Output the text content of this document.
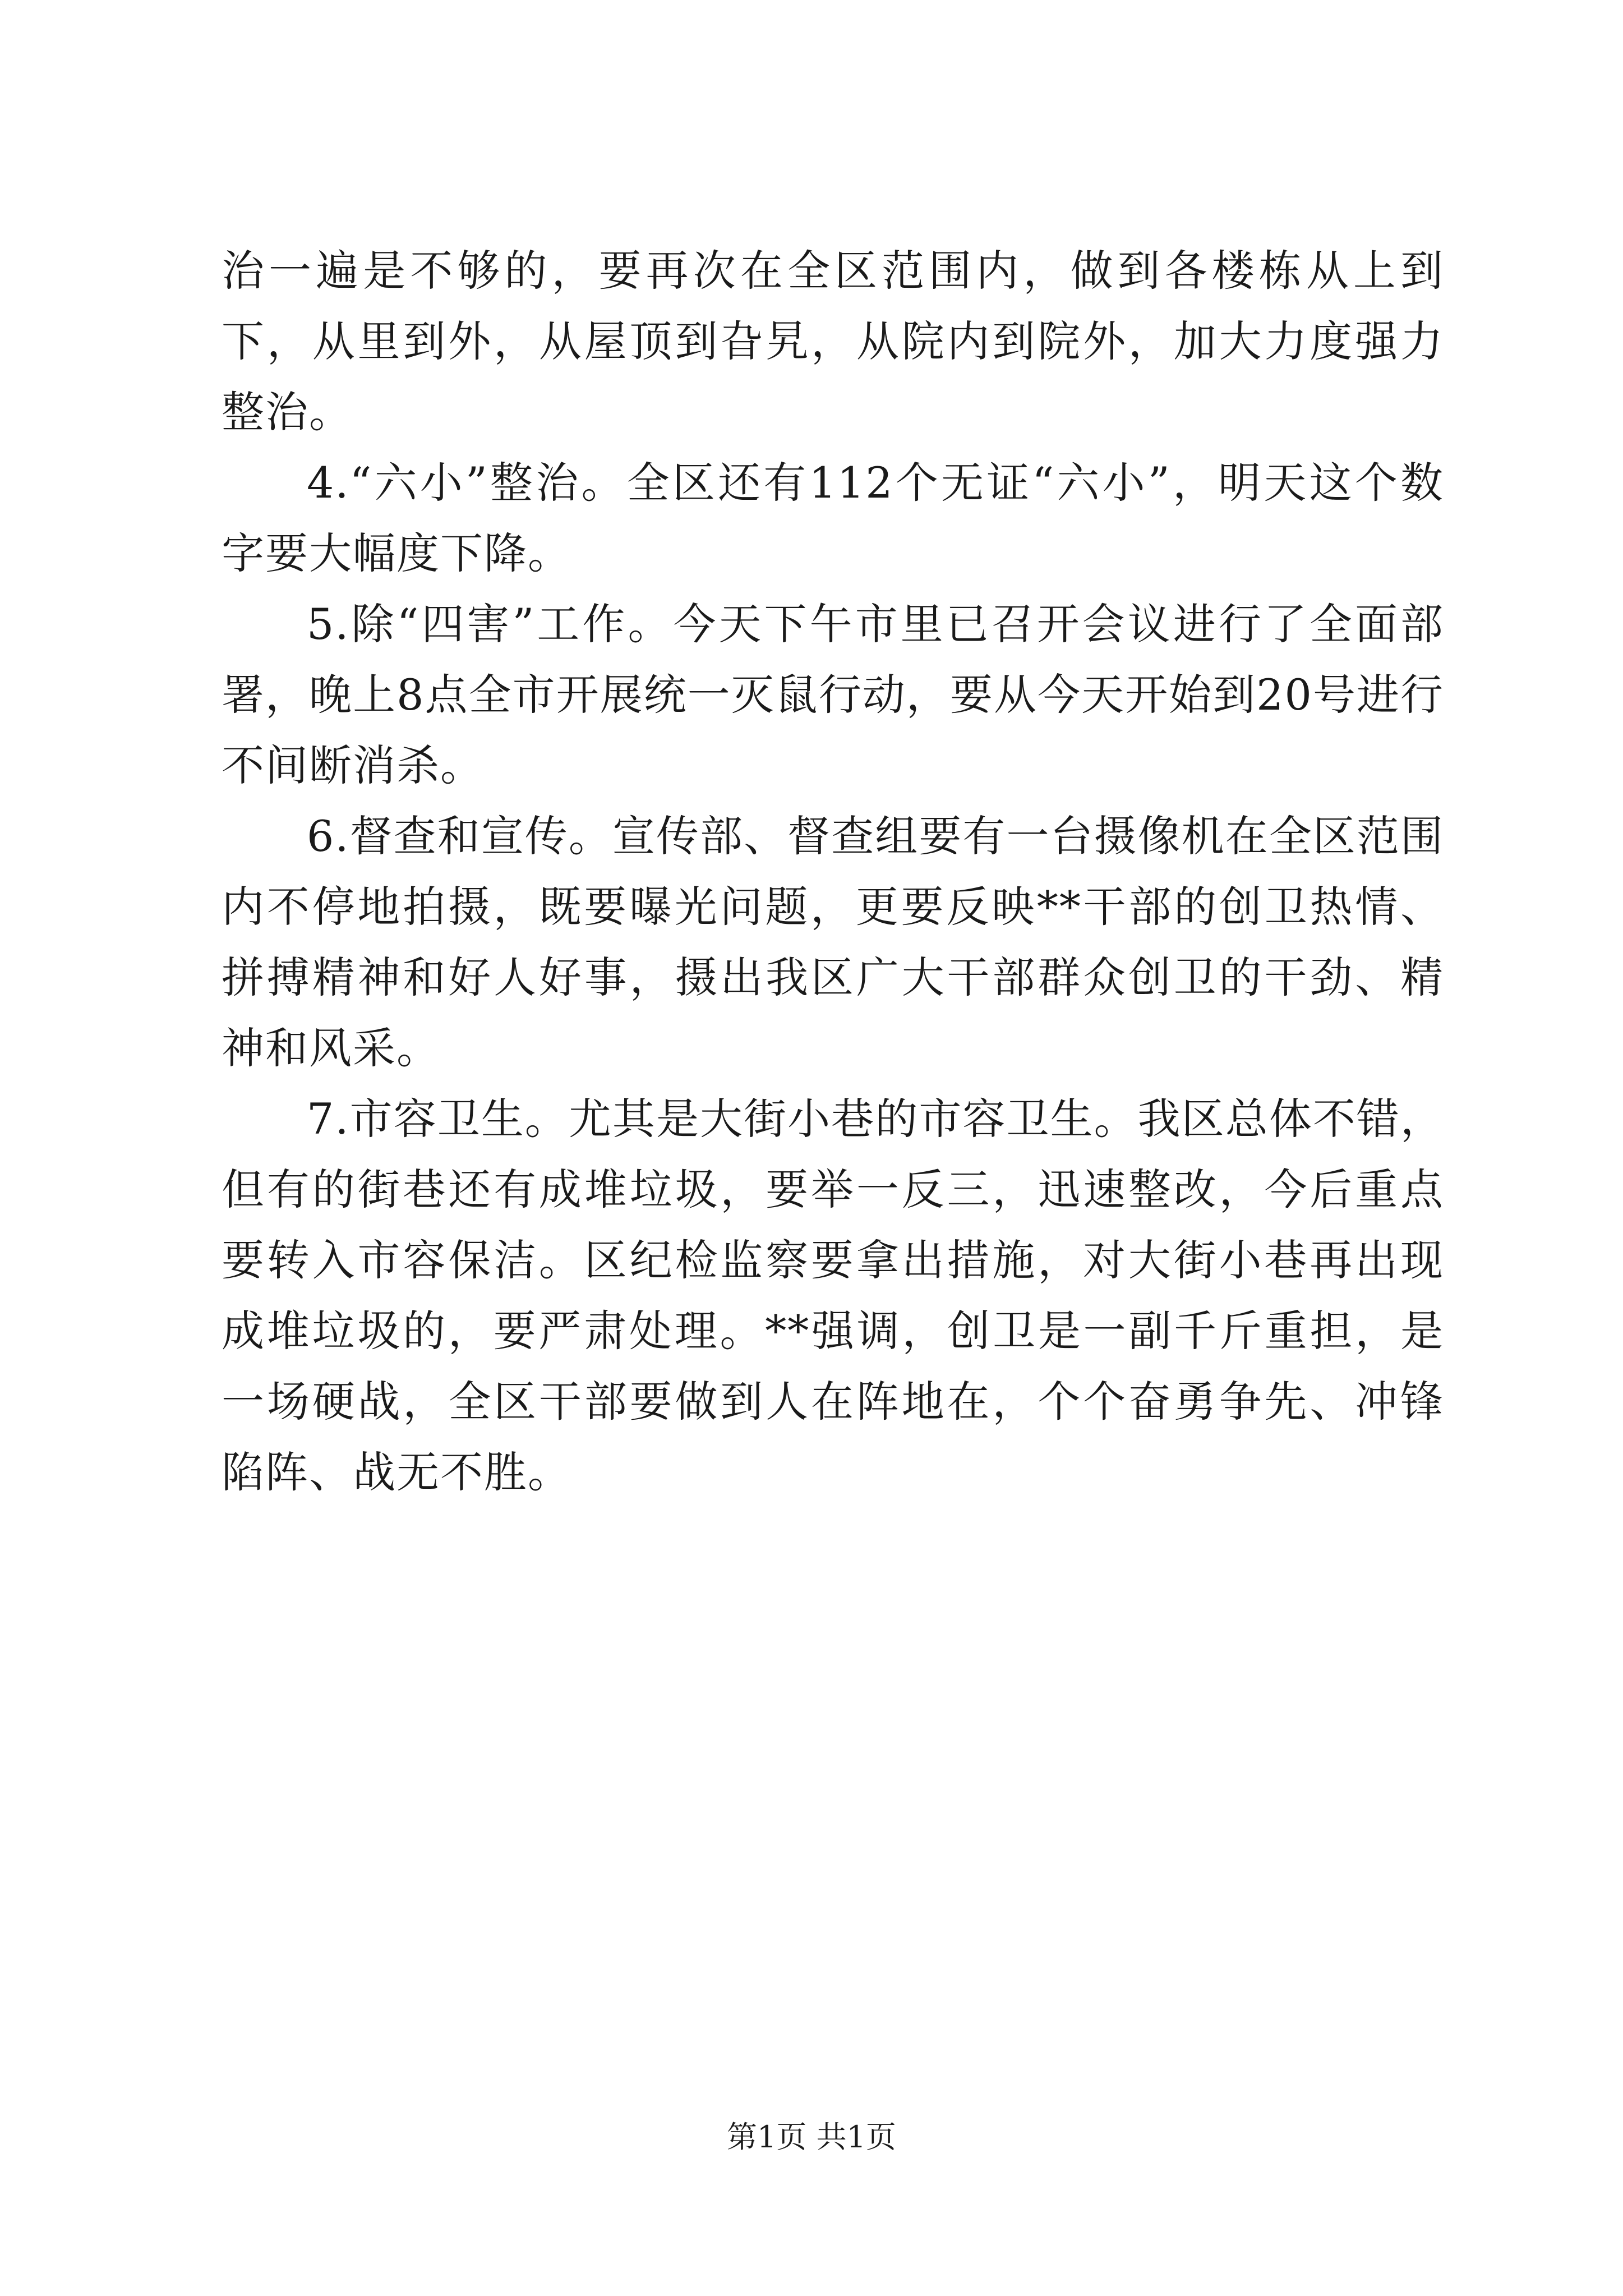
治一遍是不够的，要再次在全区范围内，做到各楼栋从上到下，从里到外，从屋顶到旮旯，从院内到院外，加大力度强力整治。

4.“六小”整治。全区还有112个无证“六小”，明天这个数字要大幅度下降。

5.除“四害”工作。今天下午市里已召开会议进行了全面部署，晚上8点全市开展统一灭鼠行动，要从今天开始到20号进行不间断消杀。

6.督查和宣传。宣传部、督查组要有一台摄像机在全区范围内不停地拍摄，既要曝光问题，更要反映**干部的创卫热情、拼搏精神和好人好事，摄出我区广大干部群众创卫的干劲、精神和风采。

7.市容卫生。尤其是大街小巷的市容卫生。我区总体不错，但有的街巷还有成堆垃圾，要举一反三，迅速整改，今后重点要转入市容保洁。区纪检监察要拿出措施，对大街小巷再出现成堆垃圾的，要严肃处理。**强调，创卫是一副千斤重担，是一场硬战，全区干部要做到人在阵地在，个个奋勇争先、冲锋陷阵、战无不胜。

第1页 共1页
